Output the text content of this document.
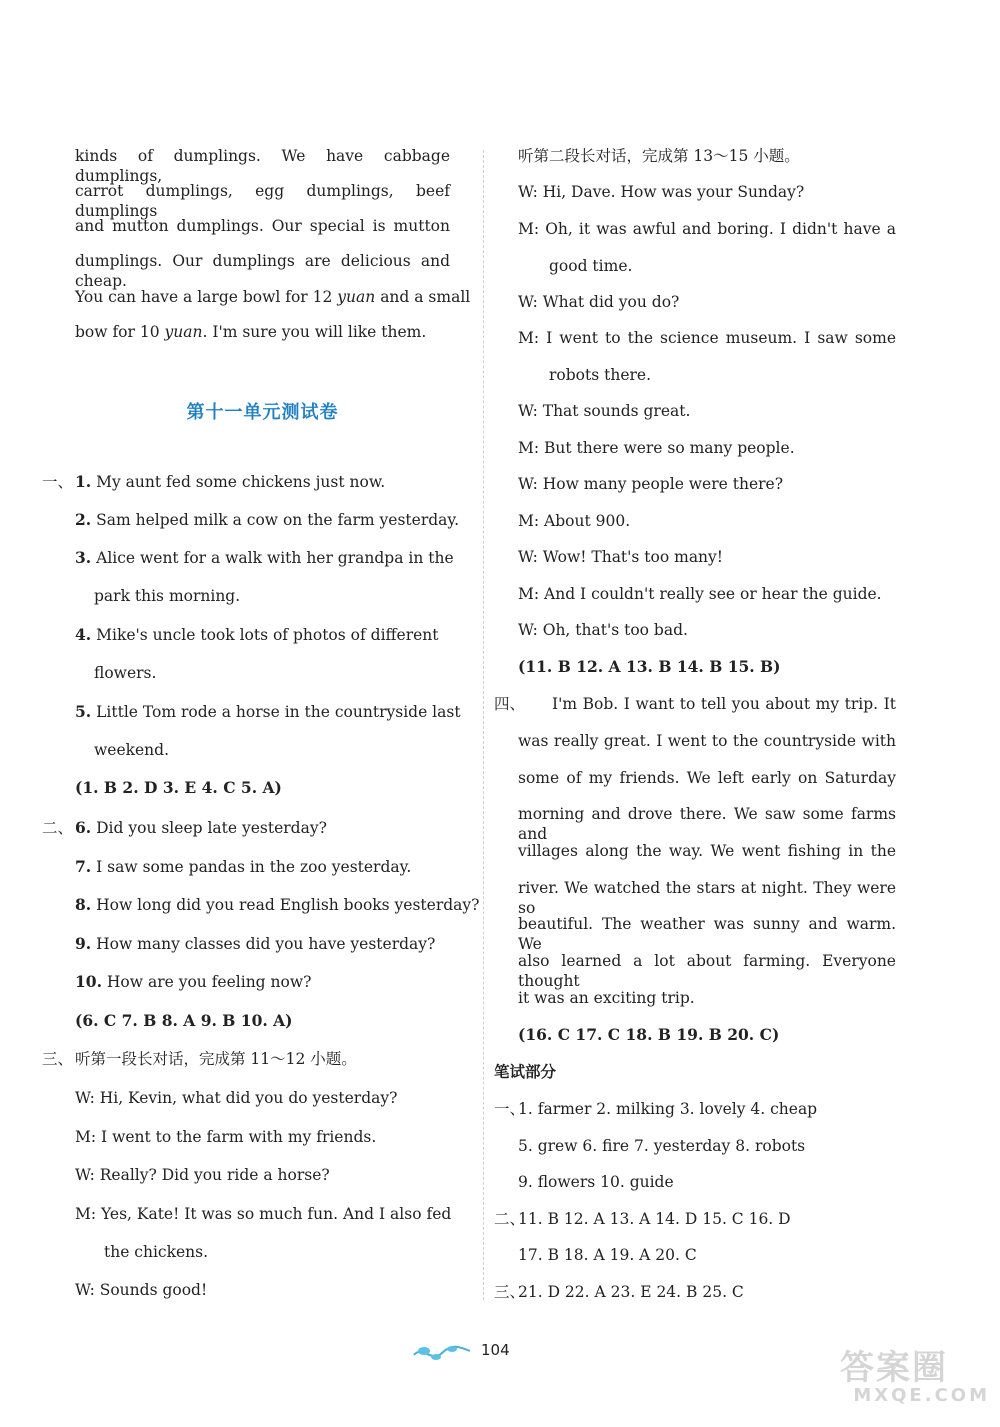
kinds of dumplings. We have cabbage dumplings,
carrot dumplings, egg dumplings, beef dumplings
and mutton dumplings. Our special is mutton
dumplings. Our dumplings are delicious and cheap.
You can have a large bowl for 12 yuan and a small
bow for 10 yuan. I'm sure you will like them.
第十一单元测试卷
一、 1. My aunt fed some chickens just now.
2. Sam helped milk a cow on the farm yesterday.
3. Alice went for a walk with her grandpa in the
park this morning.
4. Mike's uncle took lots of photos of different
flowers.
5. Little Tom rode a horse in the countryside last
weekend.
(1. B 2. D 3. E 4. C 5. A)
二、 6. Did you sleep late yesterday?
7. I saw some pandas in the zoo yesterday.
8. How long did you read English books yesterday?
9. How many classes did you have yesterday?
10. How are you feeling now?
(6. C 7. B 8. A 9. B 10. A)
三、 听第一段长对话，完成第 11～12 小题。
W: Hi, Kevin, what did you do yesterday?
M: I went to the farm with my friends.
W: Really? Did you ride a horse?
M: Yes, Kate! It was so much fun. And I also fed
the chickens.
W: Sounds good!
听第二段长对话，完成第 13～15 小题。
W: Hi, Dave. How was your Sunday?
M: Oh, it was awful and boring. I didn't have a
good time.
W: What did you do?
M: I went to the science museum. I saw some
robots there.
W: That sounds great.
M: But there were so many people.
W: How many people were there?
M: About 900.
W: Wow! That's too many!
M: And I couldn't really see or hear the guide.
W: Oh, that's too bad.
(11. B 12. A 13. B 14. B 15. B)
四、 I'm Bob. I want to tell you about my trip. It
was really great. I went to the countryside with
some of my friends. We left early on Saturday
morning and drove there. We saw some farms and
villages along the way. We went fishing in the
river. We watched the stars at night. They were so
beautiful. The weather was sunny and warm. We
also learned a lot about farming. Everyone thought
it was an exciting trip.
(16. C 17. C 18. B 19. B 20. C)
笔试部分
一、
1. farmer 2. milking 3. lovely 4. cheap
5. grew 6. fire 7. yesterday 8. robots
9. flowers 10. guide
二、
11. B 12. A 13. A 14. D 15. C 16. D
17. B 18. A 19. A 20. C
三、
21. D 22. A 23. E 24. B 25. C
104	答案圈
MXQE.COM
